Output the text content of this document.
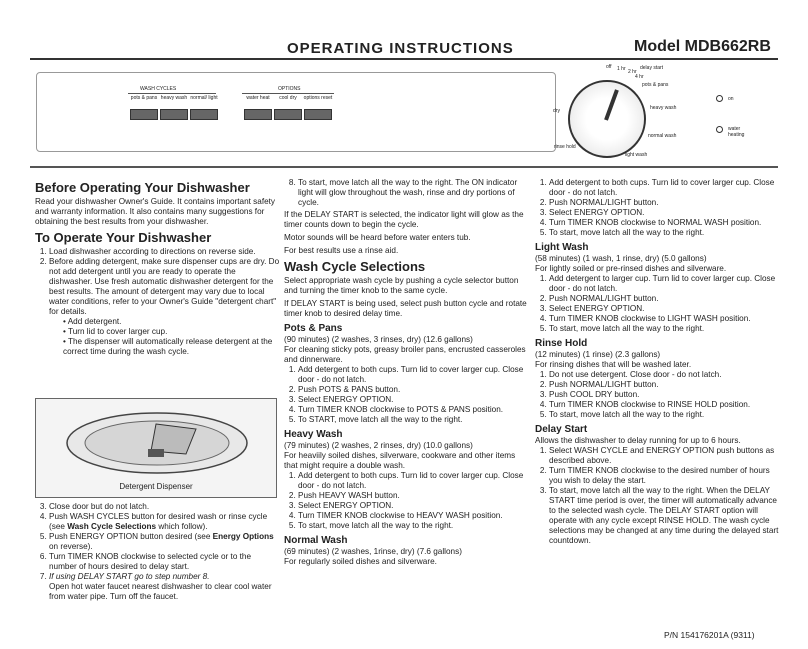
OPERATING INSTRUCTIONS	Model MDB662RB
WASH CYCLES
pots & pans heavy wash normal/ light
OPTIONS
water heat	cool dry	options reset
off 1 hr 2 hr
4 hr
delay start
pots & pans
heavy wash
normal wash
light wash
rinse hold
dry
on
water heating
Before Operating Your Dishwasher

Read your dishwasher Owner's Guide. It contains important safety and warranty information. It also contains many suggestions for obtaining the best results from your dishwasher.

To Operate Your Dishwasher
1. Load dishwasher according to directions on reverse side.
2. Before adding detergent, make sure dispenser cups are dry. Do not add detergent until you are ready to operate the dishwasher. Use fresh automatic dishwasher detergent for the best results. The amount of detergent may vary due to local water conditions, refer to your Owner's Guide "detergent chart" for details.
• Add detergent.
• Turn lid to cover larger cup.
• The dispenser will automatically release detergent at the correct time during the wash cycle.
Detergent Dispenser
3. Close door but do not latch.
4. Push WASH CYCLES button for desired wash or rinse cycle (see Wash Cycle Selections which follow).
5. Push ENERGY OPTION button desired (see Energy Options on reverse).
6. Turn TIMER KNOB clockwise to selected cycle or to the number of hours desired to delay start.
7. If using DELAY START go to step number 8.
Open hot water faucet nearest dishwasher to clear cool water from water pipe. Turn off the faucet.
8. To start, move latch all the way to the right. The ON indicator light will glow throughout the wash, rinse and dry portions of cycle.

If the DELAY START is selected, the indicator light will glow as the timer counts down to begin the cycle.

Motor sounds will be heard before water enters tub.

For best results use a rinse aid.

Wash Cycle Selections

Select appropriate wash cycle by pushing a cycle selector button and turning the timer knob to the same cycle.

If DELAY START is being used, select push button cycle and rotate timer knob to desired delay time.

Pots & Pans

(90 minutes) (2 washes, 3 rinses, dry) (12.6 gallons)

For cleaning sticky pots, greasy broiler pans, encrusted casseroles and dinnerware.

1. Add detergent to both cups. Turn lid to cover larger cup. Close door - do not latch.
2. Push POTS & PANS button.
3. Select ENERGY OPTION.
4. Turn TIMER KNOB clockwise to POTS & PANS position.
5. To START, move latch all the way to the right.
Heavy Wash

(79 minutes) (2 washes, 2 rinses, dry) (10.0 gallons)

For heaviily soiled dishes, silverware, cookware and other items that might require a double wash.

1. Add detergent to both cups. Turn lid to cover larger cup. Close door - do not latch.
2. Push HEAVY WASH button.
3. Select ENERGY OPTION.
4. Turn TIMER KNOB clockwise to HEAVY WASH position.
5. To start, move latch all the way to the right.
Normal Wash

(69 minutes) (2 washes, 1rinse, dry) (7.6 gallons)

For regularly soiled dishes and silverware.

1. Add detergent to both cups. Turn lid to cover larger cup. Close door - do not latch.
2. Push NORMAL/LIGHT button.
3. Select ENERGY OPTION.
4. Turn TIMER KNOB clockwise to NORMAL WASH position.
5. To start, move latch all the way to the right.
Light Wash

(58 minutes) (1 wash, 1 rinse, dry) (5.0 gallons)

For lightly soiled or pre-rinsed dishes and silverware.

1. Add detergent to larger cup. Turn lid to cover larger cup. Close door - do not latch.
2. Push NORMAL/LIGHT button.
3. Select ENERGY OPTION.
4. Turn TIMER KNOB clockwise to LIGHT WASH position.
5. To start, move latch all the way to the right.
Rinse Hold

(12 minutes) (1 rinse) (2.3 gallons)

For rinsing dishes that will be washed later.

1. Do not use detergent. Close door - do not latch.
2. Push NORMAL/LIGHT button.
3. Push COOL DRY button.
4. Turn TIMER KNOB clockwise to RINSE HOLD position.
5. To start, move latch all the way to the right.
Delay Start

Allows the dishwasher to delay running for up to 6 hours.

1. Select WASH CYCLE and ENERGY OPTION push buttons as described above.
2. Turn TIMER KNOB clockwise to the desired number of hours you wish to delay the start.
3. To start, move latch all the way to the right. When the DELAY START time period is over, the timer will automatically advance to the selected wash cycle. The DELAY START option will operate with any cycle except RINSE HOLD. The wash cycle selections may be changed at any time during the delayed start countdown.
P/N 154176201A (9311)
